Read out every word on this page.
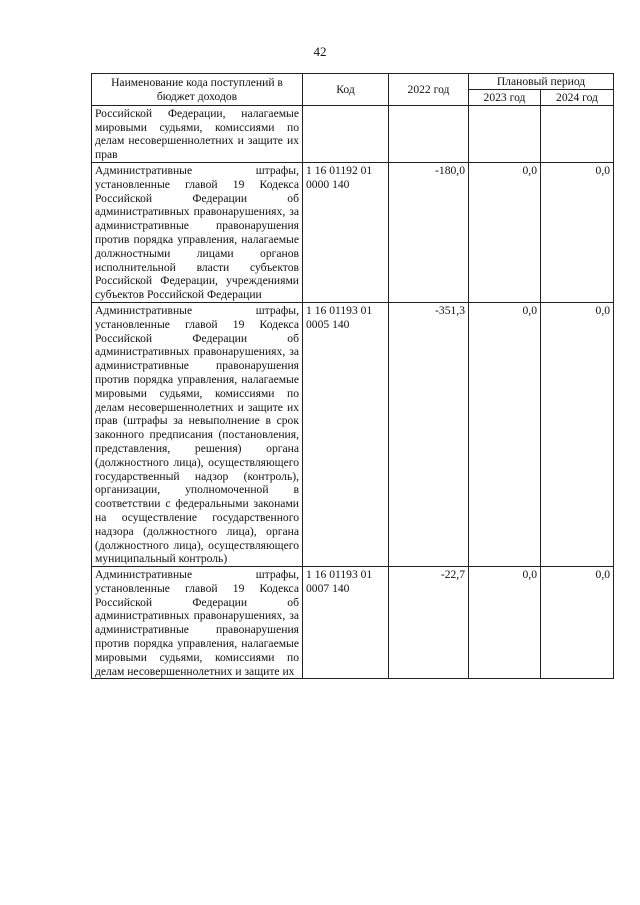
42
Наименование кода поступлений в бюджет доходов	Код	2022 год	Плановый период	
			2023 год	2024 год
Российской Федерации, налагаемые мировыми судьями, комиссиями по делам несовершеннолетних и защите их прав				
Административные штрафы, установленные главой 19 Кодекса Российской Федерации об административных правонарушениях, за административные правонарушения против порядка управления, налагаемые должностными лицами органов исполнительной власти субъектов Российской Федерации, учреждениями субъектов Российской Федерации	1 16 01192 01 0000 140	-180,0	0,0	0,0
Административные штрафы, установленные главой 19 Кодекса Российской Федерации об административных правонарушениях, за административные правонарушения против порядка управления, налагаемые мировыми судьями, комиссиями по делам несовершеннолетних и защите их прав (штрафы за невыполнение в срок законного предписания (постановления, представления, решения) органа (должностного лица), осуществляющего государственный надзор (контроль), организации, уполномоченной в соответствии с федеральными законами на осуществление государственного надзора (должностного лица), органа (должностного лица), осуществляющего муниципальный контроль)	1 16 01193 01 0005 140	-351,3	0,0	0,0
Административные штрафы, установленные главой 19 Кодекса Российской Федерации об административных правонарушениях, за административные правонарушения против порядка управления, налагаемые мировыми судьями, комиссиями по делам несовершеннолетних и защите их	1 16 01193 01 0007 140	-22,7	0,0	0,0
